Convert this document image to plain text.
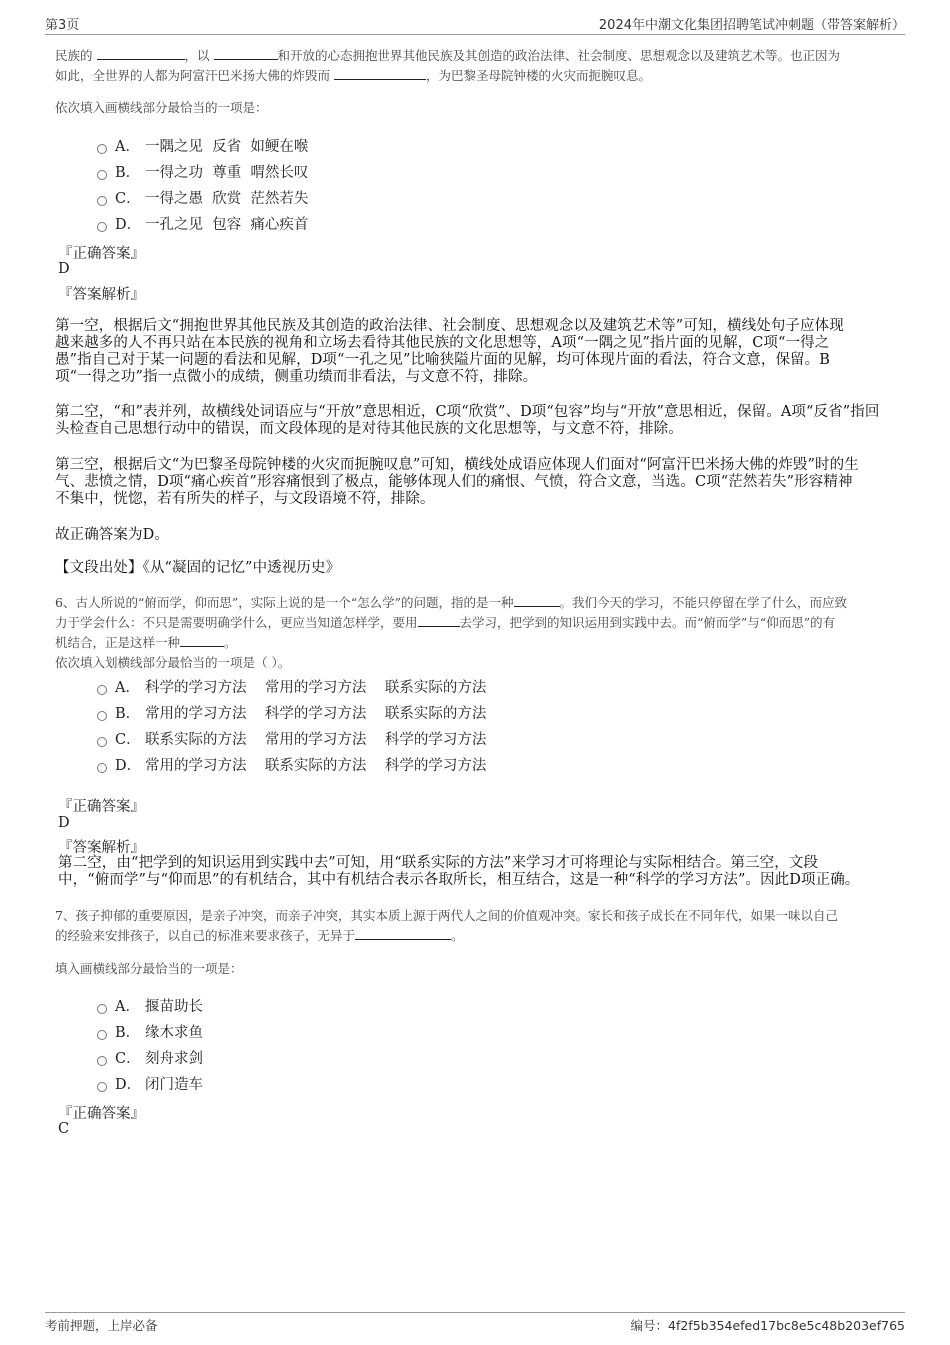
第3页	2024年中潮文化集团招聘笔试冲刺题（带答案解析）
民族的	，以	和开放的心态拥抱世界其他民族及其创造的政治法律、社会制度、思想观念以及建筑艺术等。也正因为
如此，全世界的人都为阿富汗巴米扬大佛的炸毁而	，为巴黎圣母院钟楼的火灾而扼腕叹息。
依次填入画横线部分最恰当的一项是：
A． 一隅之见  反省  如鲠在喉
B． 一得之功  尊重  喟然长叹
C． 一得之愚  欣赏  茫然若失
D． 一孔之见  包容  痛心疾首
『正确答案』
D
『答案解析』
第一空，根据后文“拥抱世界其他民族及其创造的政治法律、社会制度、思想观念以及建筑艺术等”可知，横线处句子应体现
越来越多的人不再只站在本民族的视角和立场去看待其他民族的文化思想等，A项“一隅之见”指片面的见解，C项“一得之
愚”指自己对于某一问题的看法和见解，D项“一孔之见”比喻狭隘片面的见解，均可体现片面的看法，符合文意，保留。B
项“一得之功”指一点微小的成绩，侧重功绩而非看法，与文意不符，排除。
第二空，“和”表并列，故横线处词语应与“开放”意思相近，C项“欣赏”、D项“包容”均与“开放”意思相近，保留。A项“反省”指回
头检查自己思想行动中的错误，而文段体现的是对待其他民族的文化思想等，与文意不符，排除。
第三空，根据后文“为巴黎圣母院钟楼的火灾而扼腕叹息”可知，横线处成语应体现人们面对“阿富汗巴米扬大佛的炸毁”时的生
气、悲愤之情，D项“痛心疾首”形容痛恨到了极点，能够体现人们的痛恨、气愤，符合文意，当选。C项“茫然若失”形容精神
不集中，恍惚，若有所失的样子，与文段语境不符，排除。
故正确答案为D。
【文段出处】《从“凝固的记忆”中透视历史》
6、古人所说的“俯而学，仰而思”，实际上说的是一个“怎么学”的问题，指的是一种	。我们今天的学习，不能只停留在学了什么，而应致
力于学会什么：不只是需要明确学什么，更应当知道怎样学，要用	去学习，把学到的知识运用到实践中去。而“俯而学”与“仰而思”的有
机结合，正是这样一种	。
依次填入划横线部分最恰当的一项是（ ）。
A． 科学的学习方法    常用的学习方法    联系实际的方法
B． 常用的学习方法    科学的学习方法    联系实际的方法
C． 联系实际的方法    常用的学习方法    科学的学习方法
D． 常用的学习方法    联系实际的方法    科学的学习方法
『正确答案』
D
『答案解析』
第二空，由“把学到的知识运用到实践中去”可知，用“联系实际的方法”来学习才可将理论与实际相结合。第三空，文段
中，“俯而学”与“仰而思”的有机结合，其中有机结合表示各取所长，相互结合，这是一种“科学的学习方法”。因此D项正确。
7、孩子抑郁的重要原因，是亲子冲突，而亲子冲突，其实本质上源于两代人之间的价值观冲突。家长和孩子成长在不同年代，如果一味以自己
的经验来安排孩子，以自己的标准来要求孩子，无异于	。
填入画横线部分最恰当的一项是：
A． 揠苗助长
B． 缘木求鱼
C． 刻舟求剑
D． 闭门造车
『正确答案』
C
考前押题，上岸必备	编号：4f2f5b354efed17bc8e5c48b203ef765
